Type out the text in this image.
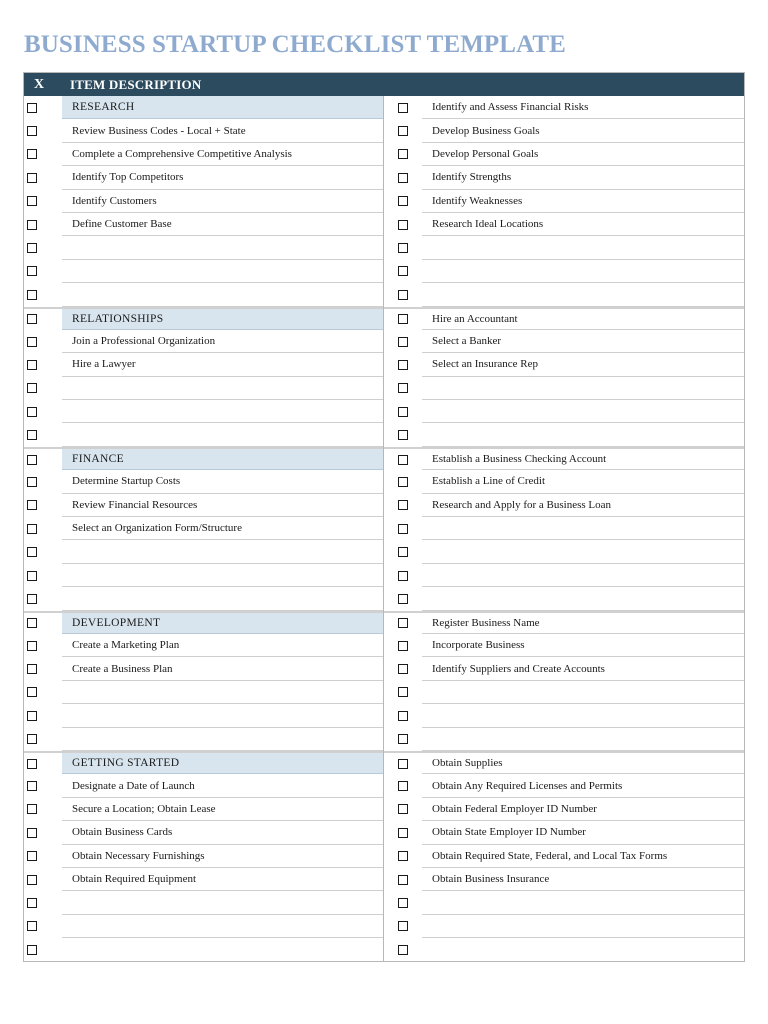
BUSINESS STARTUP CHECKLIST TEMPLATE
X	ITEM DESCRIPTION
RESEARCH
Review Business Codes - Local + State
Complete a Comprehensive Competitive Analysis
Identify Top Competitors
Identify Customers
Define Customer Base
RELATIONSHIPS
Join a Professional Organization
Hire a Lawyer
FINANCE
Determine Startup Costs
Review Financial Resources
Select an Organization Form/Structure
DEVELOPMENT
Create a Marketing Plan
Create a Business Plan
GETTING STARTED
Designate a Date of Launch
Secure a Location; Obtain Lease
Obtain Business Cards
Obtain Necessary Furnishings
Obtain Required Equipment
Identify and Assess Financial Risks
Develop Business Goals
Develop Personal Goals
Identify Strengths
Identify Weaknesses
Research Ideal Locations
Hire an Accountant
Select a Banker
Select an Insurance Rep
Establish a Business Checking Account
Establish a Line of Credit
Research and Apply for a Business Loan
Register Business Name
Incorporate Business
Identify Suppliers and Create Accounts
Obtain Supplies
Obtain Any Required Licenses and Permits
Obtain Federal Employer ID Number
Obtain State Employer ID Number
Obtain Required State, Federal, and Local Tax Forms
Obtain Business Insurance
